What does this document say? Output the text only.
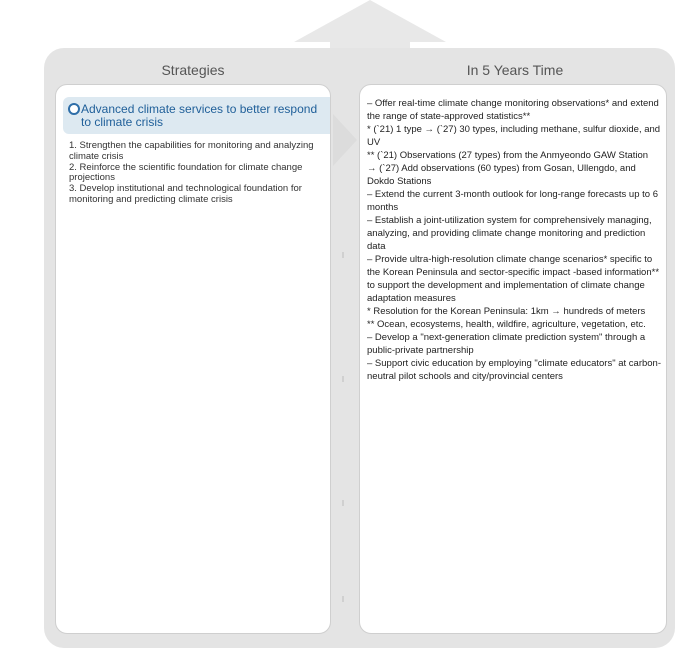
Strategies	In 5 Years Time
Advanced climate services to better respond to climate crisis
1. Strengthen the capabilities for monitoring and analyzing climate crisis
2. Reinforce the scientific foundation for climate change projections
3. Develop institutional and technological foundation for monitoring and predicting climate crisis
– Offer real-time climate change monitoring observations* and extend the range of state-approved statistics**
* (`21) 1 type → (`27) 30 types, including methane, sulfur dioxide, and UV
** (`21) Observations (27 types) from the Anmyeondo GAW Station
→ (`27) Add observations (60 types) from Gosan, Ullengdo, and Dokdo Stations
– Extend the current 3-month outlook for long-range forecasts up to 6 months
– Establish a joint-utilization system for comprehensively managing, analyzing, and providing climate change monitoring and prediction data
– Provide ultra-high-resolution climate change scenarios* specific to the Korean Peninsula and sector-specific impact -based information** to support the development and implementation of climate change adaptation measures
* Resolution for the Korean Peninsula: 1km → hundreds of meters
** Ocean, ecosystems, health, wildfire, agriculture, vegetation, etc.
– Develop a "next-generation climate prediction system" through a public-private partnership
– Support civic education by employing "climate educators" at carbon-neutral pilot schools and city/provincial centers
